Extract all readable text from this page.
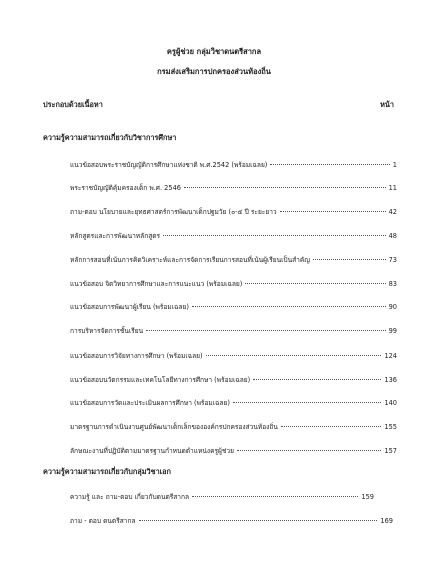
ครูผู้ช่วย กลุ่มวิชาดนตรีสากล
กรมส่งเสริมการปกครองส่วนท้องถิ่น
ประกอบด้วยเนื้อหา	หน้า
ความรู้ความสามารถเกี่ยวกับวิชาการศึกษา
แนวข้อสอบพระราชบัญญัติการศึกษาแห่งชาติ พ.ศ.2542 (พร้อมเฉลย)	1
พระราชบัญญัติคุ้มครองเด็ก พ.ศ. 2546	11
ถาม-ตอบ นโยบายและยุทธศาสตร์การพัฒนาเด็กปฐมวัย (๐-๕ ปี ระยะยาว	42
หลักสูตรและการพัฒนาหลักสูตร	48
หลักการสอนที่เน้นการคิดวิเคราะห์และการจัดการเรียนการสอนที่เน้นผู้เรียนเป็นสำคัญ	73
แนวข้อสอบ จิตวิทยาการศึกษาและการแนะแนว (พร้อมเฉลย)	83
แนวข้อสอบการพัฒนาผู้เรียน (พร้อมเฉลย)	90
การบริหารจัดการชั้นเรียน	99
แนวข้อสอบการวิจัยทางการศึกษา (พร้อมเฉลย)	124
แนวข้อสอบนวัตกรรมและเทคโนโลยีทางการศึกษา (พร้อมเฉลย)	136
แนวข้อสอบการวัดและประเมินผลการศึกษา (พร้อมเฉลย)	140
มาตรฐานการดำเนินงานศูนย์พัฒนาเด็กเล็กขององค์กรปกครองส่วนท้องถิ่น	155
ลักษณะงานที่ปฏิบัติตามมาตรฐานกำหนดตำแหน่งครูผู้ช่วย	157
ความรู้ความสามารถเกี่ยวกับกลุ่มวิชาเอก
ความรู้ และ ถาม-ตอบ เกี่ยวกับดนตรีสากล	159
ถาม - ตอบ ดนตรีสากล	169
